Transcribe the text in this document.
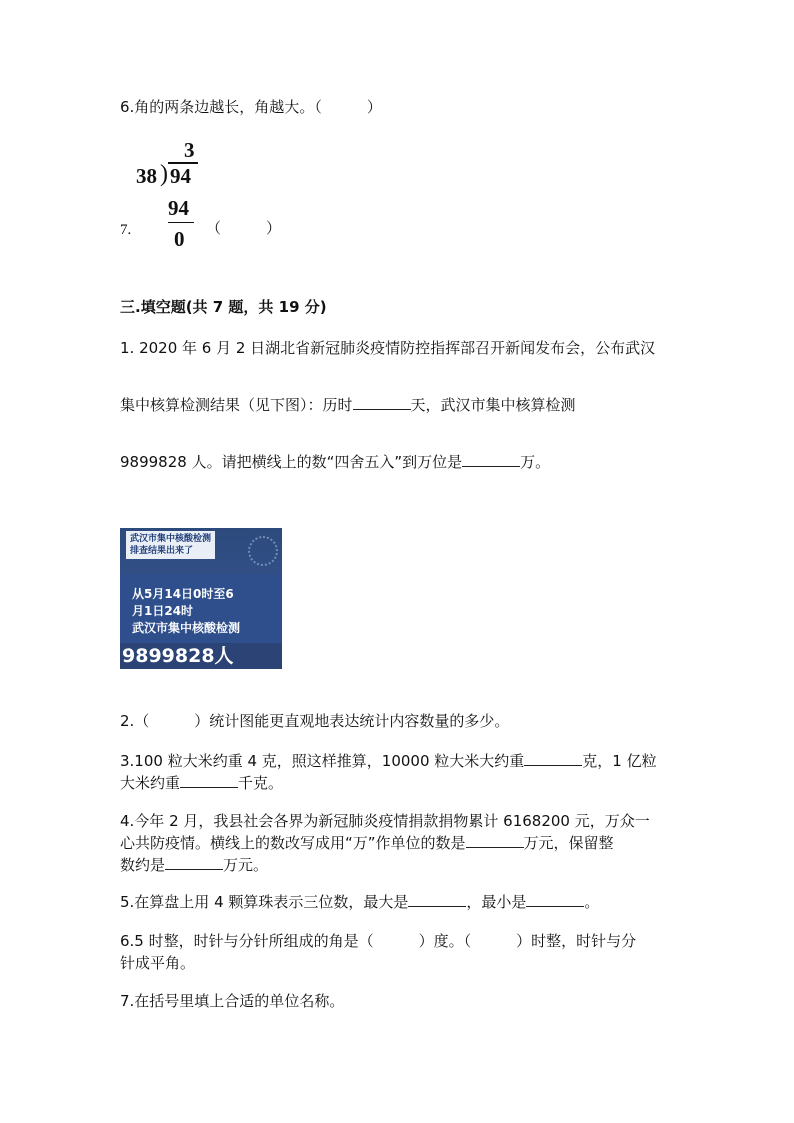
6.角的两条边越长，角越大。（　　　）
3
38 ) 94
94
0
7.	（　　　）
三.填空题(共 7 题，共 19 分)
1. 2020 年 6 月 2 日湖北省新冠肺炎疫情防控指挥部召开新闻发布会，公布武汉
集中核算检测结果（见下图）：历时	天，武汉市集中核算检测
9899828 人。请把横线上的数“四舍五入”到万位是	万。
武汉市集中核酸检测
排查结果出来了
从5月14日0时至6
月1日24时
武汉市集中核酸检测
9899828人
2.（　　　）统计图能更直观地表达统计内容数量的多少。
3.100 粒大米约重 4 克，照这样推算，10000 粒大米大约重	克，1 亿粒
大米约重	千克。
4.今年 2 月，我县社会各界为新冠肺炎疫情捐款捐物累计 6168200 元，万众一
心共防疫情。横线上的数改写成用“万”作单位的数是	万元，保留整
数约是	万元。
5.在算盘上用 4 颗算珠表示三位数，最大是	，最小是	。
6.5 时整，时针与分针所组成的角是（　　　）度。（　　　）时整，时针与分
针成平角。
7.在括号里填上合适的单位名称。
